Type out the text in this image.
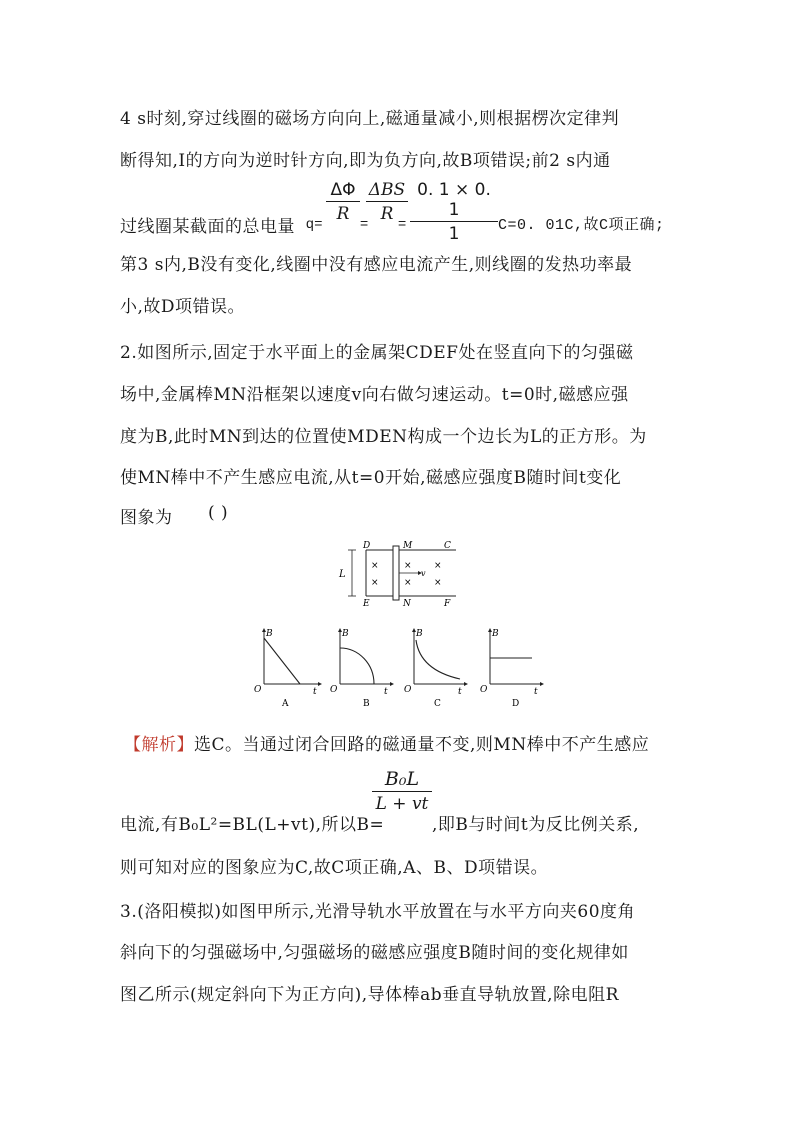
4 s时刻,穿过线圈的磁场方向向上,磁通量减小,则根据楞次定律判
断得知,I的方向为逆时针方向,即为负方向,故B项错误;前2 s内通
过线圈某截面的总电量 q=
ΔΦ
R =
ΔBS
R =
0. 1 × 0. 1
1	C=0. 01C,故C项正确;
第3 s内,B没有变化,线圈中没有感应电流产生,则线圈的发热功率最
小,故D项错误。
2.如图所示,固定于水平面上的金属架CDEF处在竖直向下的匀强磁
场中,金属棒MN沿框架以速度v向右做匀速运动。t=0时,磁感应强
度为B,此时MN到达的位置使MDEN构成一个边长为L的正方形。为
使MN棒中不产生感应电流,从t=0开始,磁感应强度B随时间t变化
图象为 ( )
L
D	M	C
E	N	F
v
×
×
×
×
×
×
B
O	t
A
B
O	t
B
B
O	t
C
B
O	t
D
【解析】选C。当通过闭合回路的磁通量不变,则MN棒中不产生感应
B₀L
L + vt
电流,有B₀L²=BL(L+vt),所以B=	,即B与时间t为反比例关系,
则可知对应的图象应为C,故C项正确,A、B、D项错误。
3.(洛阳模拟)如图甲所示,光滑导轨水平放置在与水平方向夹60度角
斜向下的匀强磁场中,匀强磁场的磁感应强度B随时间的变化规律如
图乙所示(规定斜向下为正方向),导体棒ab垂直导轨放置,除电阻R
